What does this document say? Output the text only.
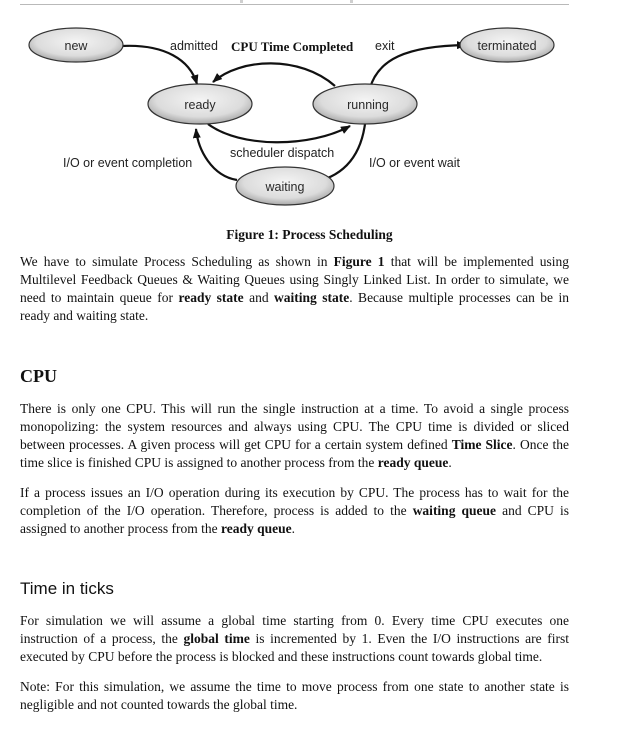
new	terminated
ready	running
waiting
admitted CPU Time Completed exit
I/O or event completion
scheduler dispatch
I/O or event wait
Figure 1: Process Scheduling

We have to simulate Process Scheduling as shown in Figure 1 that will be implemented using Multilevel Feedback Queues & Waiting Queues using Singly Linked List. In order to simulate, we need to maintain queue for ready state and waiting state. Because multiple processes can be in ready and waiting state.

CPU

There is only one CPU. This will run the single instruction at a time. To avoid a single process monopolizing: the system resources and always using CPU. The CPU time is divided or sliced between processes. A given process will get CPU for a certain system defined Time Slice. Once the time slice is finished CPU is assigned to another process from the ready queue.

If a process issues an I/O operation during its execution by CPU. The process has to wait for the completion of the I/O operation. Therefore, process is added to the waiting queue and CPU is assigned to another process from the ready queue.

Time in ticks

For simulation we will assume a global time starting from 0. Every time CPU executes one instruction of a process, the global time is incremented by 1. Even the I/O instructions are first executed by CPU before the process is blocked and these instructions count towards global time.

Note: For this simulation, we assume the time to move process from one state to another state is negligible and not counted towards the global time.
